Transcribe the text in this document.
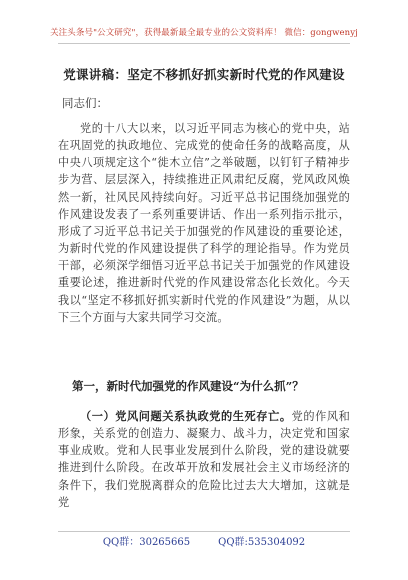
关注头条号"公文研究"，获得最新最全最专业的公文资料库！ 微信：gongwenyj
党课讲稿：坚定不移抓好抓实新时代党的作风建设
同志们：
党的十八大以来，以习近平同志为核心的党中央，站在巩固党的执政地位、完成党的使命任务的战略高度，从中央八项规定这个“徙木立信”之举破题，以钉钉子精神步步为营、层层深入，持续推进正风肃纪反腐，党风政风焕然一新，社风民风持续向好。习近平总书记围绕加强党的作风建设发表了一系列重要讲话、作出一系列指示批示，形成了习近平总书记关于加强党的作风建设的重要论述，为新时代党的作风建设提供了科学的理论指导。作为党员干部，必须深学细悟习近平总书记关于加强党的作风建设重要论述，推进新时代党的作风建设常态化长效化。今天我以“坚定不移抓好抓实新时代党的作风建设”为题，从以下三个方面与大家共同学习交流。
第一，新时代加强党的作风建设“为什么抓”？
（一）党风问题关系执政党的生死存亡。党的作风和形象，关系党的创造力、凝聚力、战斗力，决定党和国家事业成败。党和人民事业发展到什么阶段，党的建设就要推进到什么阶段。在改革开放和发展社会主义市场经济的条件下，我们党脱离群众的危险比过去大大增加，这就是党
QQ群：30265665	QQ群:535304092
